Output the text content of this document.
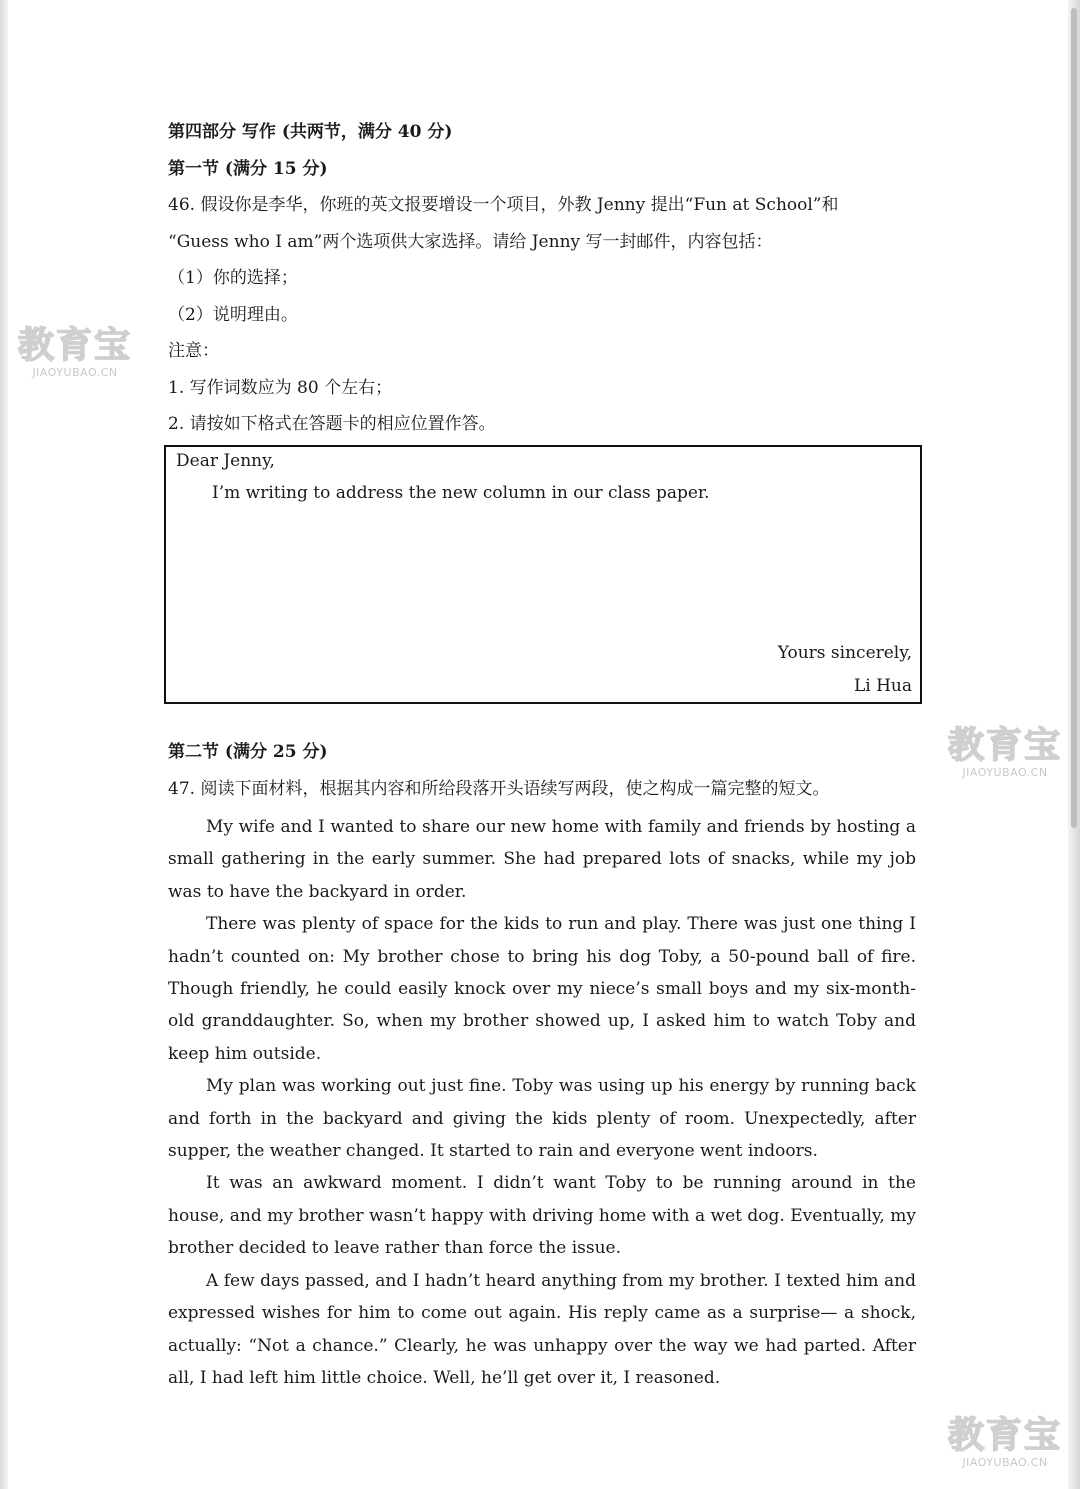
教育宝
JIAOYUBAO.CN
教育宝
JIAOYUBAO.CN
教育宝
JIAOYUBAO.CN
第四部分 写作 (共两节，满分 40 分)
第一节 (满分 15 分)
46. 假设你是李华，你班的英文报要增设一个项目，外教 Jenny 提出“Fun at School”和
“Guess who I am”两个选项供大家选择。请给 Jenny 写一封邮件，内容包括：
（1）你的选择；
（2）说明理由。
注意：
1. 写作词数应为 80 个左右；
2. 请按如下格式在答题卡的相应位置作答。
Dear Jenny,
I’m writing to address the new column in our class paper.
Yours sincerely,
Li Hua
第二节 (满分 25 分)
47. 阅读下面材料，根据其内容和所给段落开头语续写两段，使之构成一篇完整的短文。

My wife and I wanted to share our new home with family and friends by hosting a small gathering in the early summer. She had prepared lots of snacks, while my job was to have the backyard in order.

There was plenty of space for the kids to run and play. There was just one thing I hadn’t counted on: My brother chose to bring his dog Toby, a 50-pound ball of fire. Though friendly, he could easily knock over my niece’s small boys and my six-month-old granddaughter. So, when my brother showed up, I asked him to watch Toby and keep him outside.

My plan was working out just fine. Toby was using up his energy by running back and forth in the backyard and giving the kids plenty of room. Unexpectedly, after supper, the weather changed. It started to rain and everyone went indoors.

It was an awkward moment. I didn’t want Toby to be running around in the house, and my brother wasn’t happy with driving home with a wet dog. Eventually, my brother decided to leave rather than force the issue.

A few days passed, and I hadn’t heard anything from my brother. I texted him and expressed wishes for him to come out again. His reply came as a surprise— a shock, actually: “Not a chance.” Clearly, he was unhappy over the way we had parted. After all, I had left him little choice. Well, he’ll get over it, I reasoned.
